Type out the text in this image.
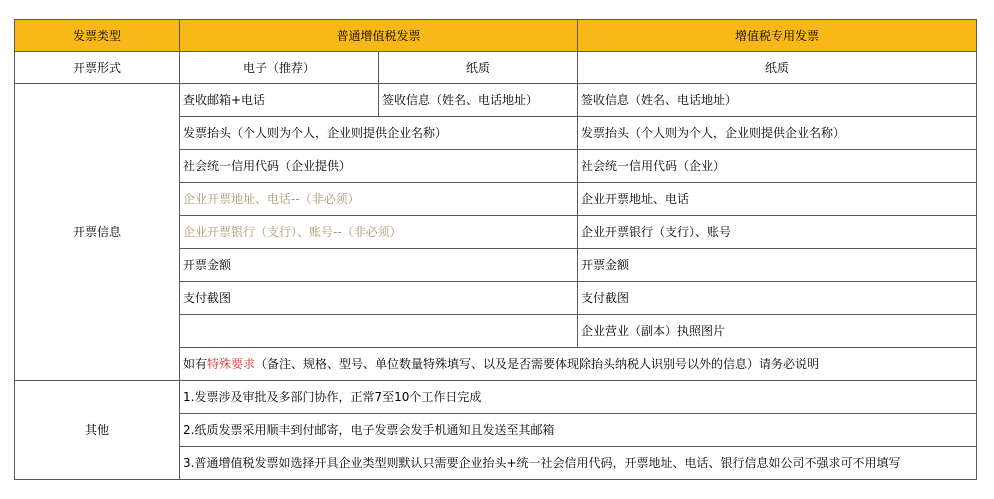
发票类型	普通增值税发票		增值税专用发票
开票形式	电子（推荐）	纸质	纸质
开票信息	查收邮箱+电话	签收信息（姓名、电话地址）	签收信息（姓名、电话地址）
	发票抬头（个人则为个人，企业则提供企业名称）		发票抬头（个人则为个人，企业则提供企业名称）
	社会统一信用代码（企业提供）		社会统一信用代码（企业）
	企业开票地址、电话--（非必须）		企业开票地址、电话
	企业开票银行（支行）、账号--（非必须）		企业开票银行（支行）、账号
	开票金额		开票金额
	支付截图		支付截图
			企业营业（副本）执照图片
	如有特殊要求（备注、规格、型号、单位数量特殊填写、以及是否需要体现除抬头纳税人识别号以外的信息）请务必说明		
其他	1.发票涉及审批及多部门协作，正常7至10个工作日完成		
	2.纸质发票采用顺丰到付邮寄，电子发票会发手机通知且发送至其邮箱		
	3.普通增值税发票如选择开具企业类型则默认只需要企业抬头+统一社会信用代码，开票地址、电话、银行信息如公司不强求可不用填写		
